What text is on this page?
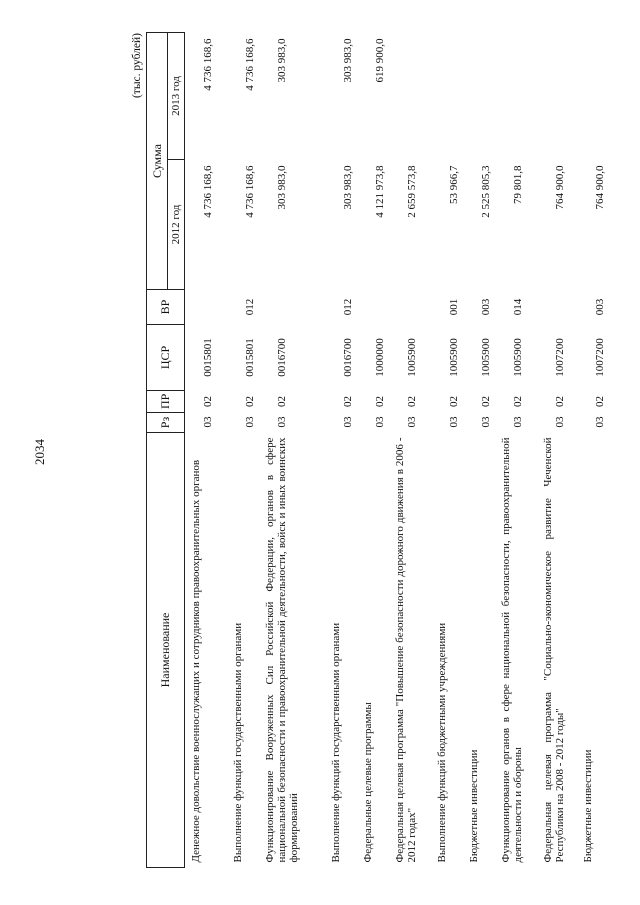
2034
(тыс. рублей)
Наименование	Рз	ПР	ЦСР	ВР	Сумма	
					2012 год	2013 год
Денежное довольствие военнослужащих и сотрудников правоохранительных органов	03	02	0015801		4 736 168,6	4 736 168,6
Выполнение функций государственными органами	03	02	0015801	012	4 736 168,6	4 736 168,6
Функционирование Вооруженных Сил Российской Федерации, органов в сфере национальной безопасности и правоохранительной деятельности, войск и иных воинских формирований	03	02	0016700		303 983,0	303 983,0
Выполнение функций государственными органами	03	02	0016700	012	303 983,0	303 983,0
Федеральные целевые программы	03	02	1000000		4 121 973,8	619 900,0
Федеральная целевая программа "Повышение безопасности дорожного движения в 2006 - 2012 годах"	03	02	1005900		2 659 573,8	
Выполнение функций бюджетными учреждениями	03	02	1005900	001	53 966,7	
Бюджетные инвестиции	03	02	1005900	003	2 525 805,3	
Функционирование органов в сфере национальной безопасности, правоохранительной деятельности и обороны	03	02	1005900	014	79 801,8	
Федеральная целевая программа "Социально-экономическое развитие Чеченской Республики на 2008 - 2012 годы"	03	02	1007200		764 900,0	
Бюджетные инвестиции	03	02	1007200	003	764 900,0	
